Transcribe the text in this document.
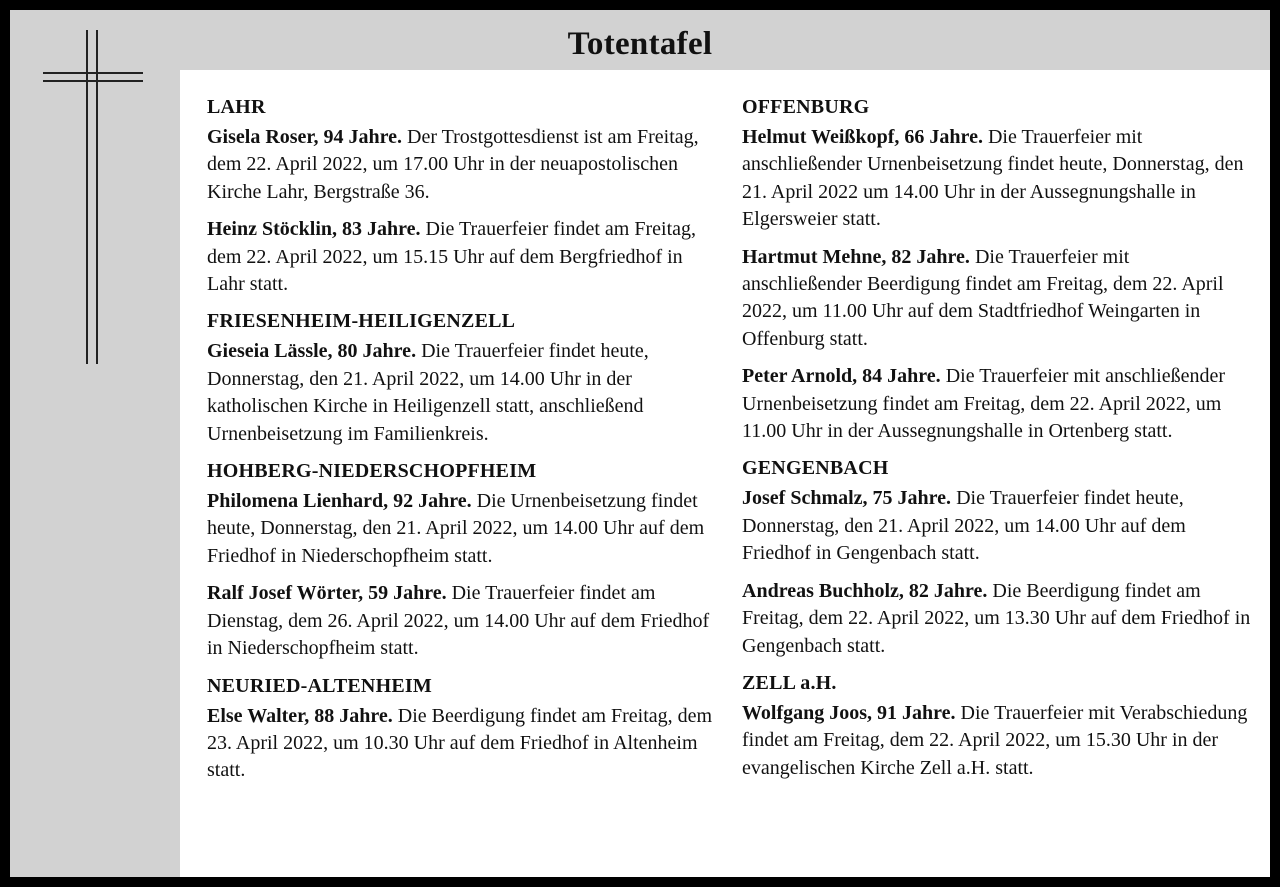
Totentafel
LAHR
Gisela Roser, 94 Jahre. Der Trostgottesdienst ist am Freitag, dem 22. April 2022, um 17.00 Uhr in der neuapostolischen Kirche Lahr, Bergstraße 36.
Heinz Stöcklin, 83 Jahre. Die Trauerfeier findet am Freitag, dem 22. April 2022, um 15.15 Uhr auf dem Bergfriedhof in Lahr statt.
FRIESENHEIM-HEILIGENZELL
Gieseia Lässle, 80 Jahre. Die Trauerfeier findet heute, Donnerstag, den 21. April 2022, um 14.00 Uhr in der katholischen Kirche in Heiligenzell statt, anschließend Urnenbeisetzung im Familienkreis.
HOHBERG-NIEDERSCHOPFHEIM
Philomena Lienhard, 92 Jahre. Die Urnenbeisetzung findet heute, Donnerstag, den 21. April 2022, um 14.00 Uhr auf dem Friedhof in Niederschopfheim statt.
Ralf Josef Wörter, 59 Jahre. Die Trauerfeier findet am Dienstag, dem 26. April 2022, um 14.00 Uhr auf dem Friedhof in Niederschopfheim statt.
NEURIED-ALTENHEIM
Else Walter, 88 Jahre. Die Beerdigung findet am Freitag, dem 23. April 2022, um 10.30 Uhr auf dem Friedhof in Altenheim statt.
OFFENBURG
Helmut Weißkopf, 66 Jahre. Die Trauerfeier mit anschließender Urnenbeisetzung findet heute, Donnerstag, den 21. April 2022 um 14.00 Uhr in der Aussegnungshalle in Elgersweier statt.
Hartmut Mehne, 82 Jahre. Die Trauerfeier mit anschließender Beerdigung findet am Freitag, dem 22. April 2022, um 11.00 Uhr auf dem Stadtfriedhof Weingarten in Offenburg statt.
Peter Arnold, 84 Jahre. Die Trauerfeier mit anschließender Urnenbeisetzung findet am Freitag, dem 22. April 2022, um 11.00 Uhr in der Aussegnungshalle in Ortenberg statt.
GENGENBACH
Josef Schmalz, 75 Jahre. Die Trauerfeier findet heute, Donnerstag, den 21. April 2022, um 14.00 Uhr auf dem Friedhof in Gengenbach statt.
Andreas Buchholz, 82 Jahre. Die Beerdigung findet am Freitag, dem 22. April 2022, um 13.30 Uhr auf dem Friedhof in Gengenbach statt.
ZELL a.H.
Wolfgang Joos, 91 Jahre. Die Trauerfeier mit Verabschiedung findet am Freitag, dem 22. April 2022, um 15.30 Uhr in der evangelischen Kirche Zell a.H. statt.
